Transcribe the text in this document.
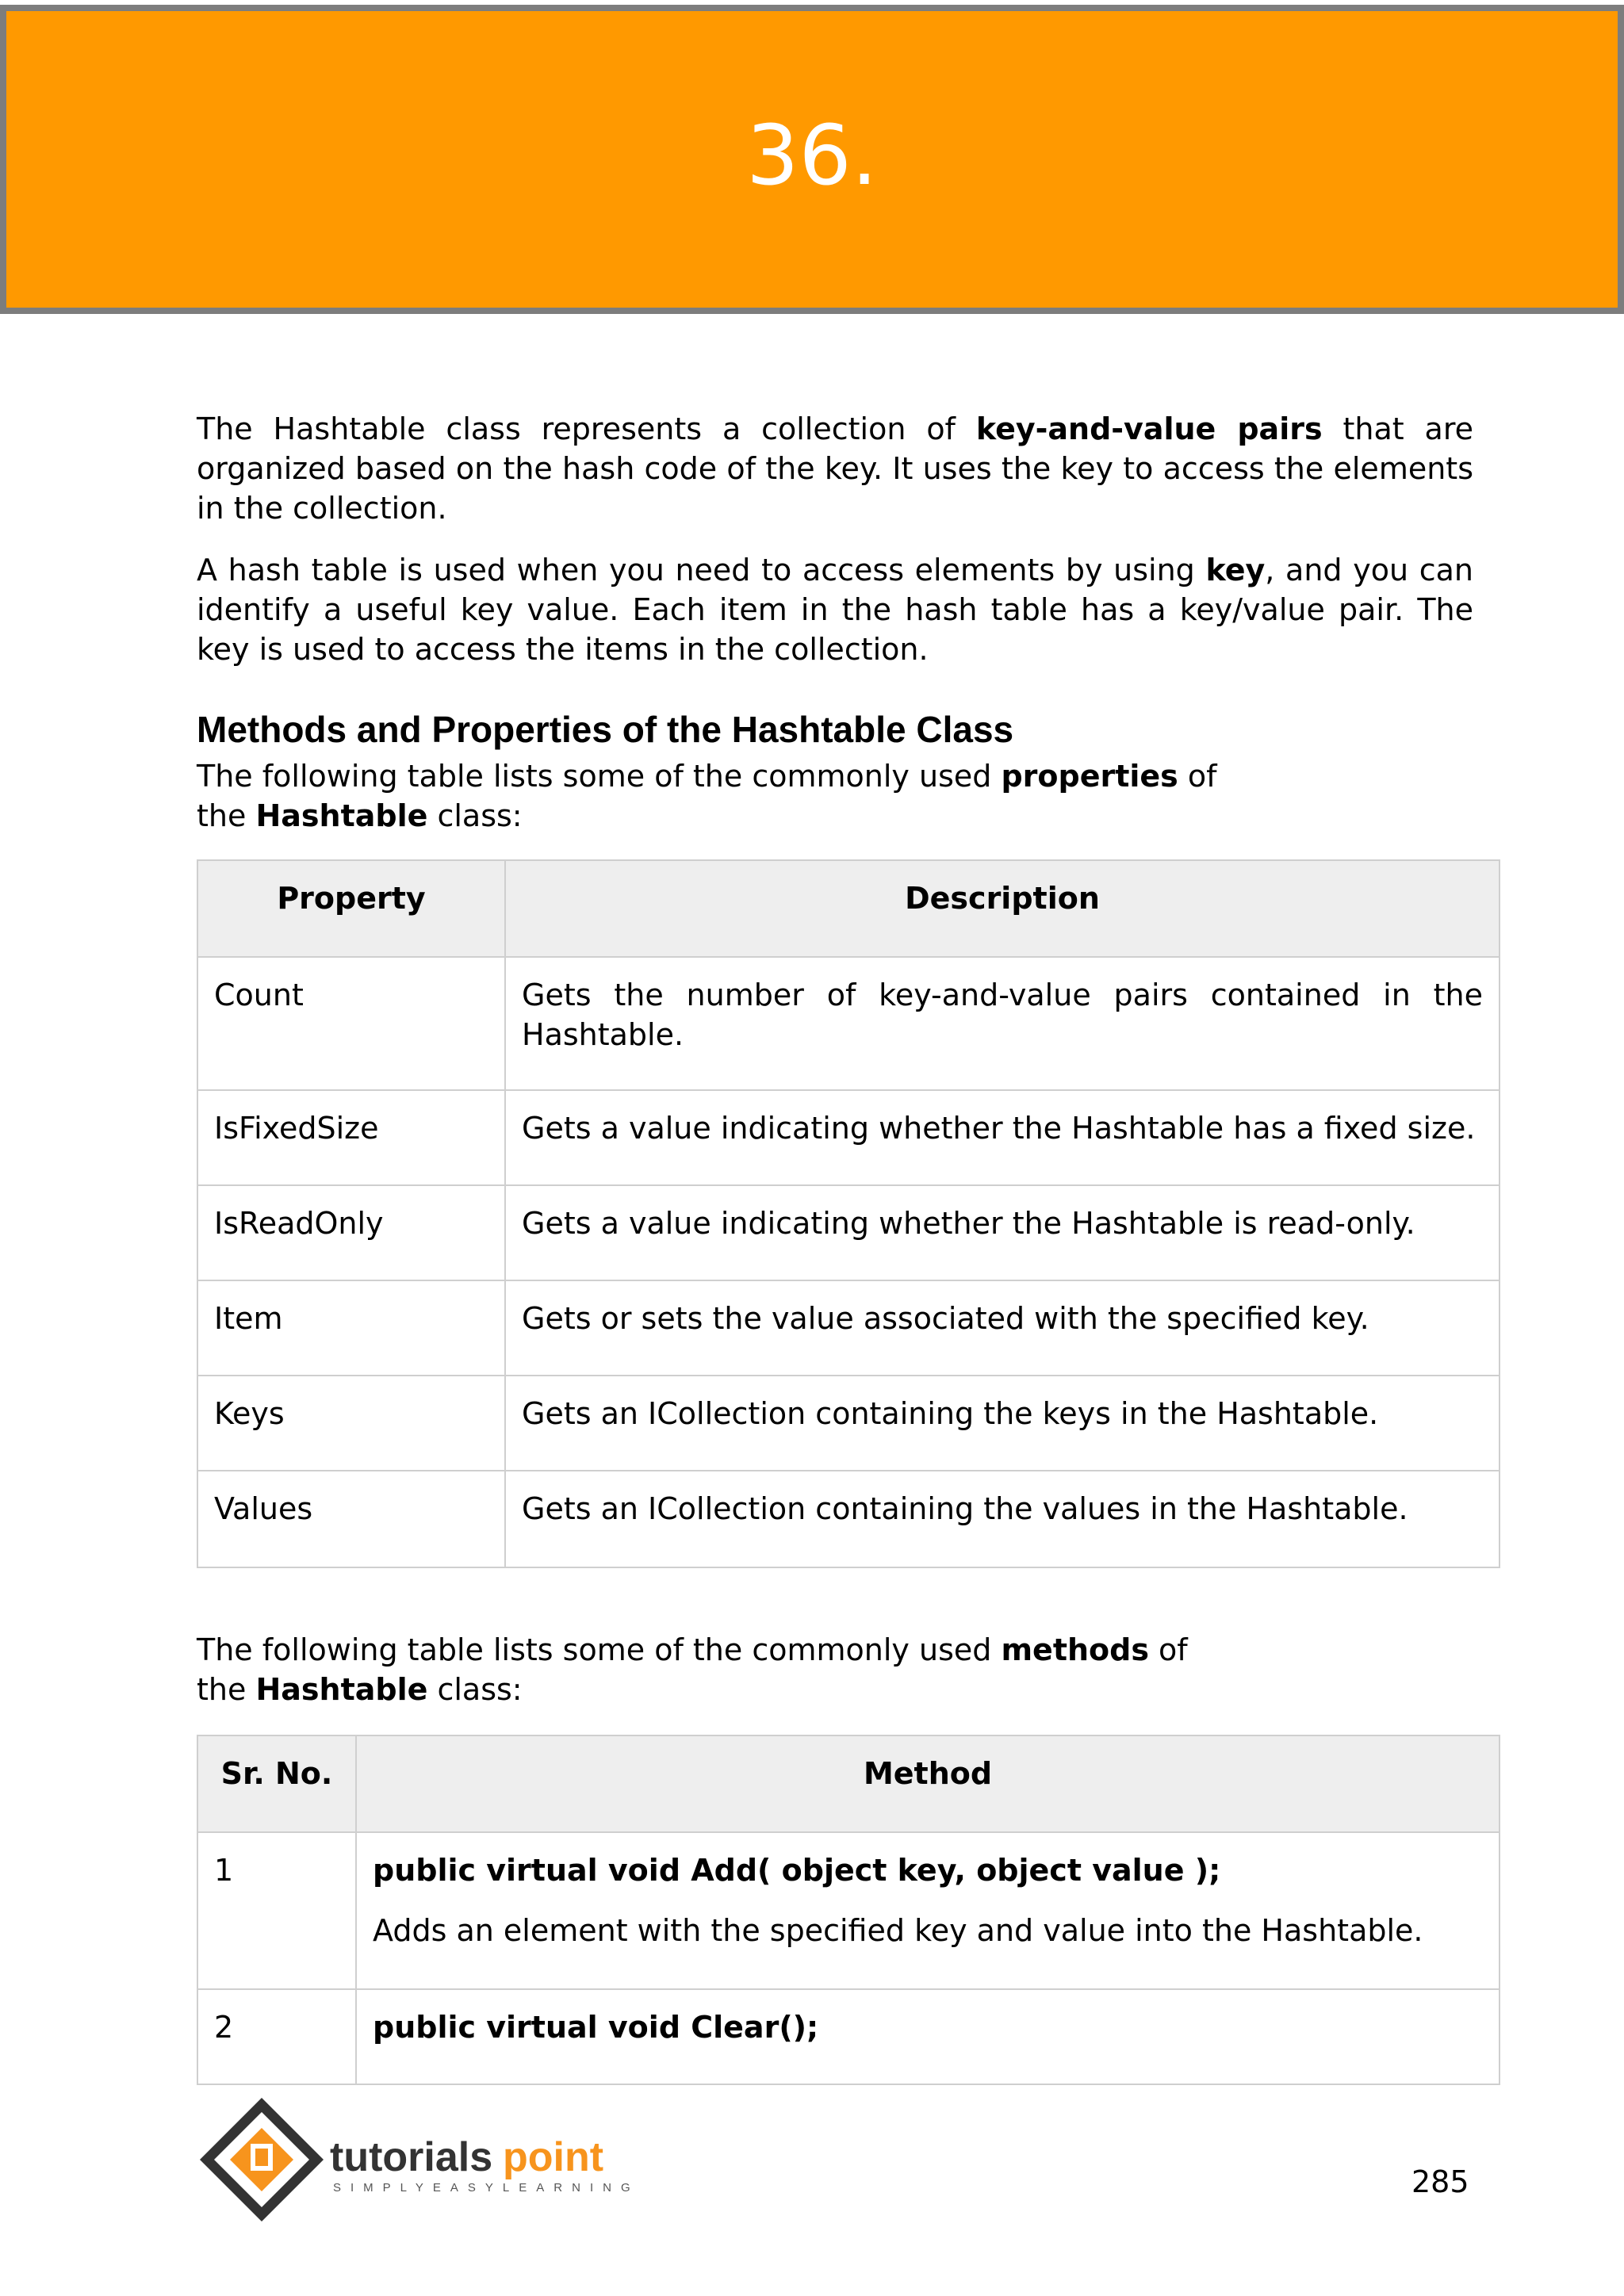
36.

The Hashtable class represents a collection of key-and-value pairs that are organized based on the hash code of the key. It uses the key to access the elements in the collection.

A hash table is used when you need to access elements by using key, and you can identify a useful key value. Each item in the hash table has a key/value pair. The key is used to access the items in the collection.

Methods and Properties of the Hashtable Class

The following table lists some of the commonly used properties of

the Hashtable class:

Property	Description
Count	Gets the number of key-and-value pairs contained in the Hashtable.
IsFixedSize	Gets a value indicating whether the Hashtable has a fixed size.
IsReadOnly	Gets a value indicating whether the Hashtable is read-only.
Item	Gets or sets the value associated with the specified key.
Keys	Gets an ICollection containing the keys in the Hashtable.
Values	Gets an ICollection containing the values in the Hashtable.

The following table lists some of the commonly used methods of

the Hashtable class:

Sr. No.	Method
1	public virtual void Add( object key, object value );
Adds an element with the specified key and value into the Hashtable.

2	public virtual void Clear();
tutorials point
SIMPLYEASYLEARNING	285
